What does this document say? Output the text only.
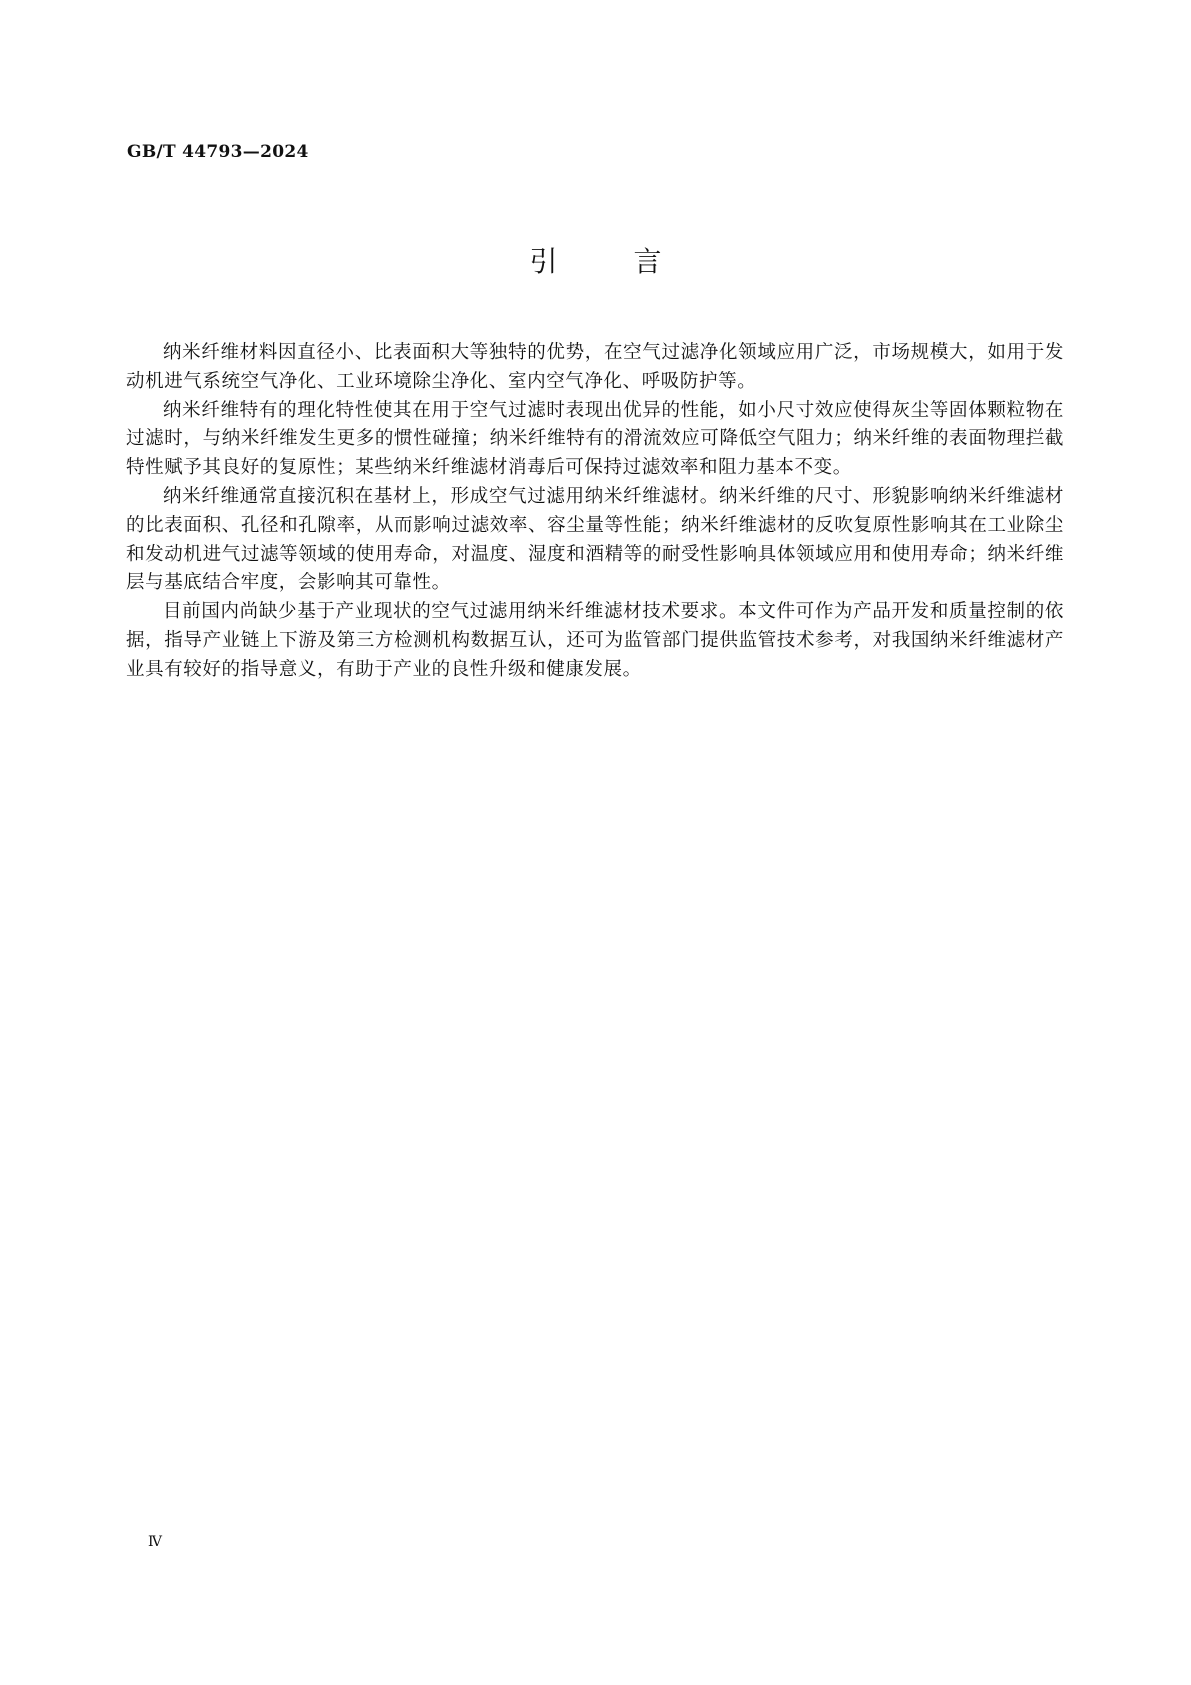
GB/T 44793—2024
引	言

纳米纤维材料因直径小、比表面积大等独特的优势，在空气过滤净化领域应用广泛，市场规模大，如用于发动机进气系统空气净化、工业环境除尘净化、室内空气净化、呼吸防护等。

纳米纤维特有的理化特性使其在用于空气过滤时表现出优异的性能，如小尺寸效应使得灰尘等固体颗粒物在过滤时，与纳米纤维发生更多的惯性碰撞；纳米纤维特有的滑流效应可降低空气阻力；纳米纤维的表面物理拦截特性赋予其良好的复原性；某些纳米纤维滤材消毒后可保持过滤效率和阻力基本不变。

纳米纤维通常直接沉积在基材上，形成空气过滤用纳米纤维滤材。纳米纤维的尺寸、形貌影响纳米纤维滤材的比表面积、孔径和孔隙率，从而影响过滤效率、容尘量等性能；纳米纤维滤材的反吹复原性影响其在工业除尘和发动机进气过滤等领域的使用寿命，对温度、湿度和酒精等的耐受性影响具体领域应用和使用寿命；纳米纤维层与基底结合牢度，会影响其可靠性。

目前国内尚缺少基于产业现状的空气过滤用纳米纤维滤材技术要求。本文件可作为产品开发和质量控制的依据，指导产业链上下游及第三方检测机构数据互认，还可为监管部门提供监管技术参考，对我国纳米纤维滤材产业具有较好的指导意义，有助于产业的良性升级和健康发展。

Ⅳ
